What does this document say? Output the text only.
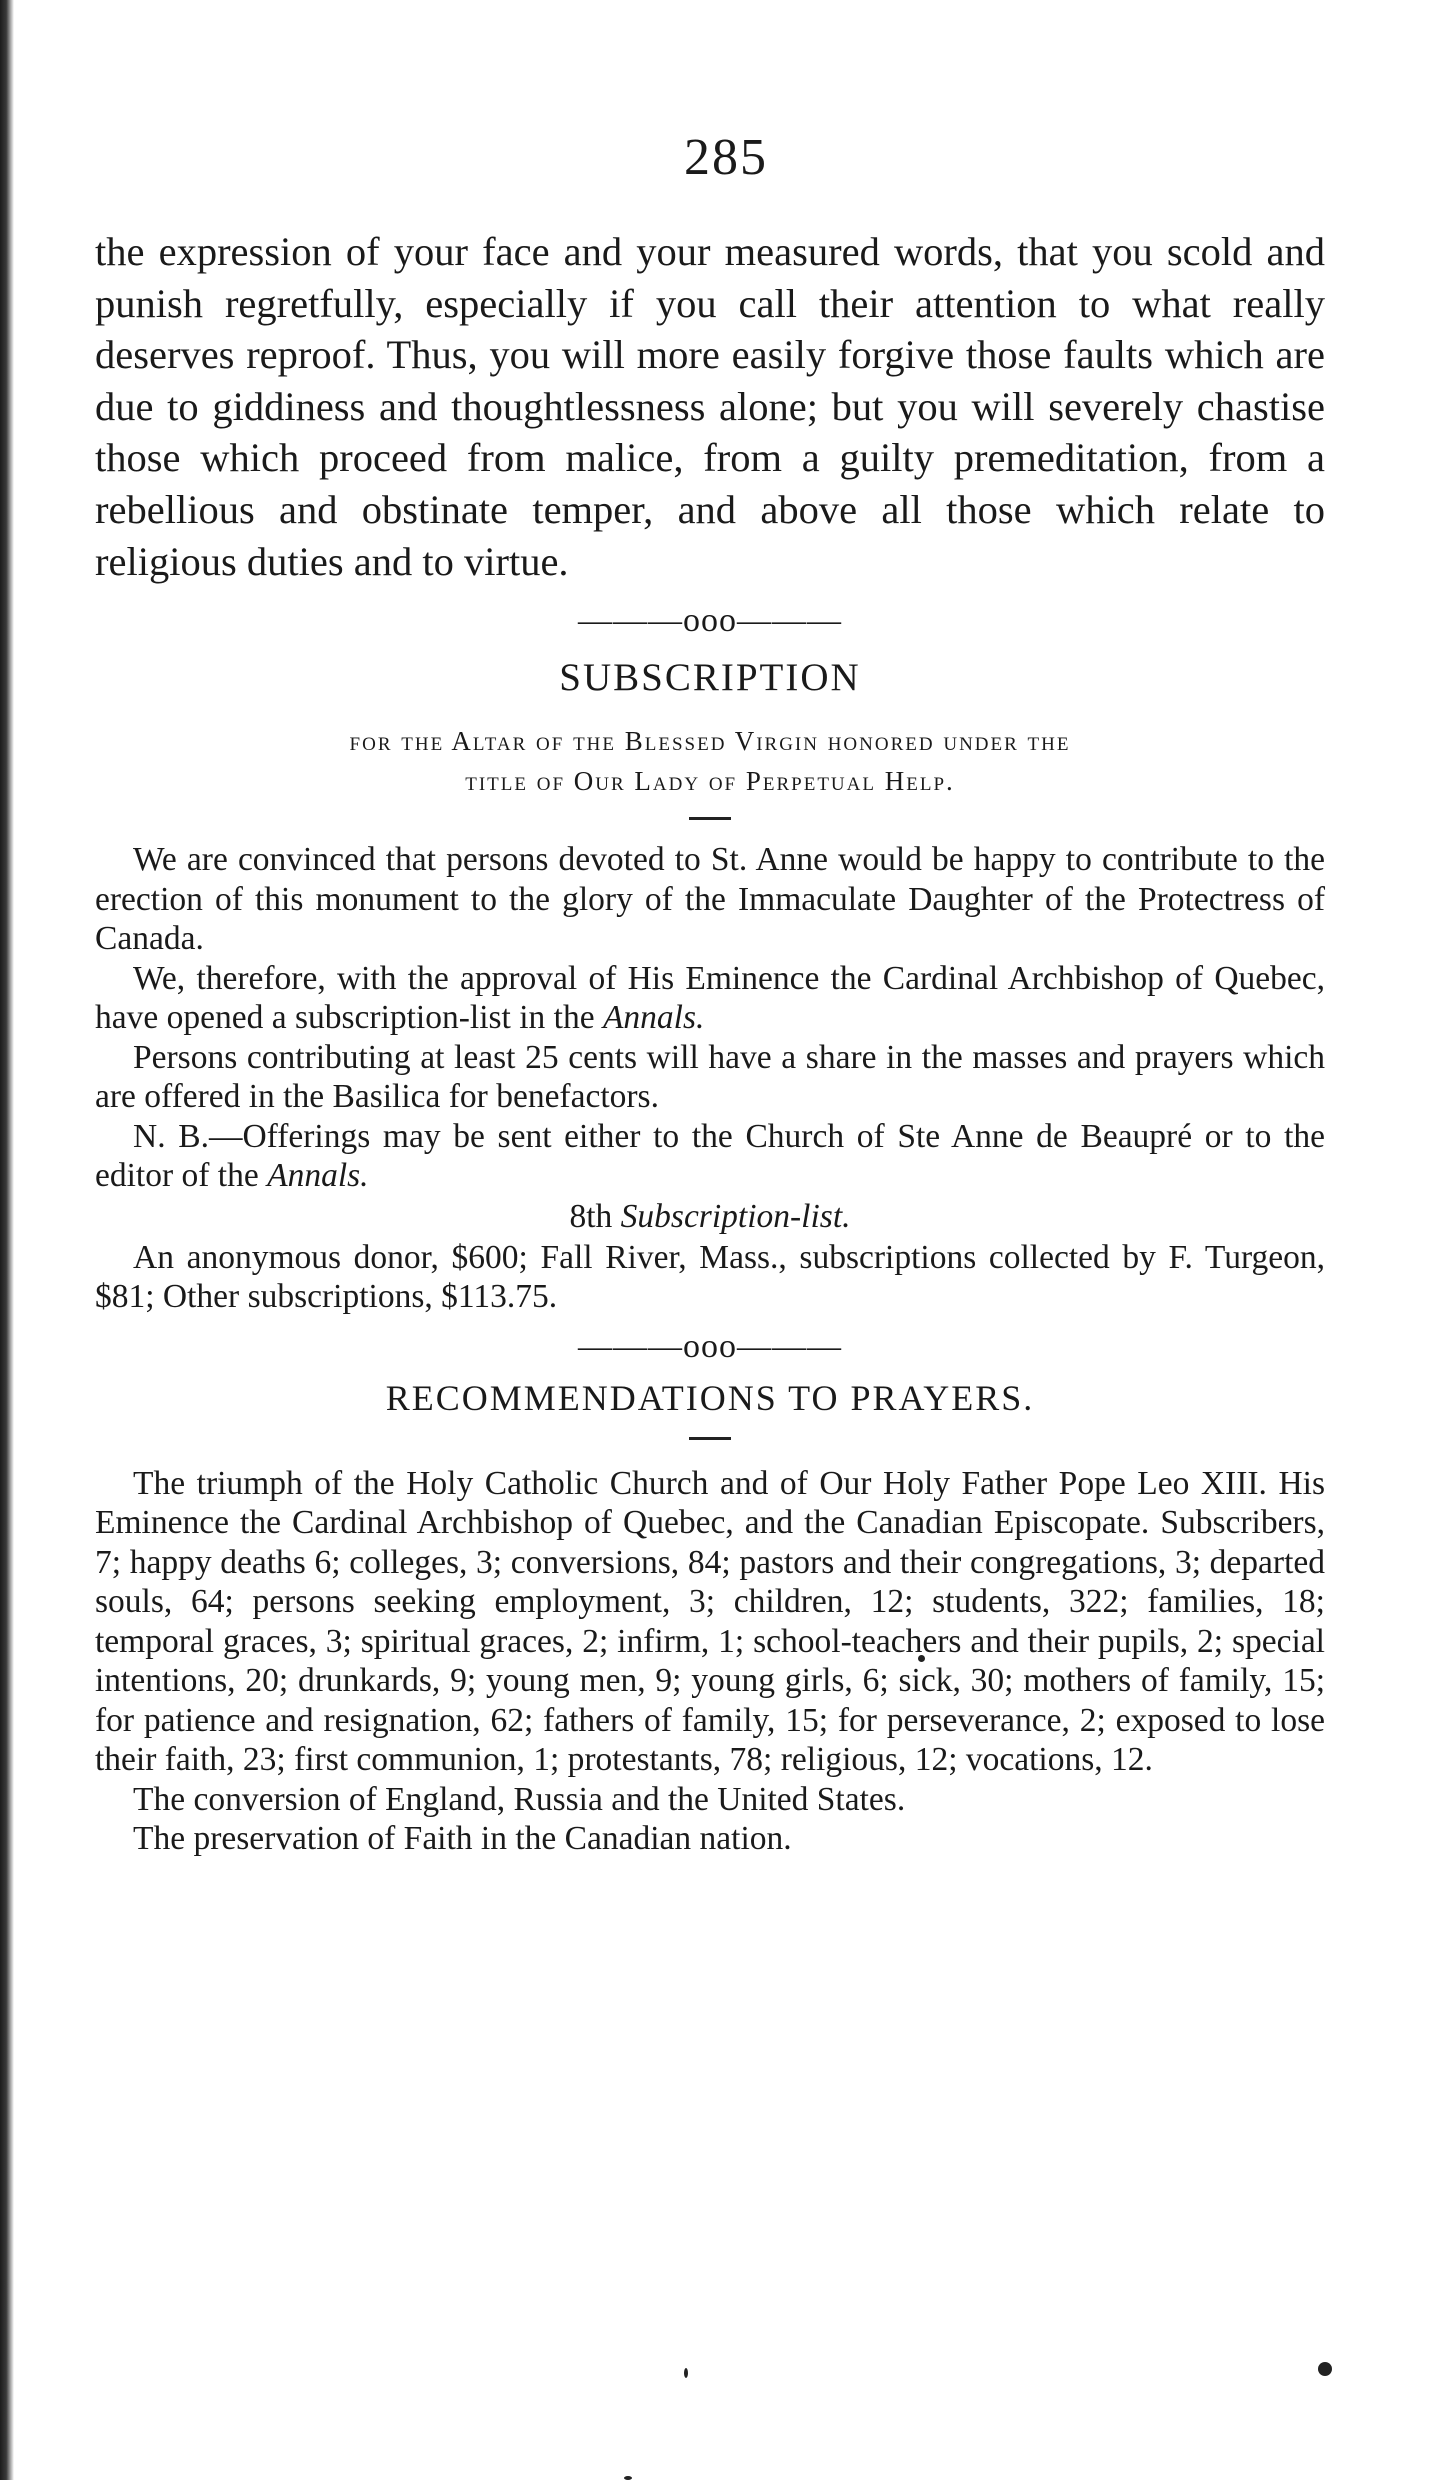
285

the expression of your face and your measured words, that you scold and punish regretfully, especially if you call their attention to what really deserves reproof. Thus, you will more easily forgive those faults which are due to giddiness and thoughtlessness alone; but you will severely chastise those which proceed from malice, from a guilty premeditation, from a rebellious and obstinate temper, and above all those which relate to religious duties and to virtue.

———ooo———

SUBSCRIPTION

for the Altar of the Blessed Virgin honored under the

title of Our Lady of Perpetual Help.

We are convinced that persons devoted to St. Anne would be happy to contribute to the erection of this monument to the glory of the Immaculate Daughter of the Protectress of Canada.

We, therefore, with the approval of His Eminence the Cardinal Archbishop of Quebec, have opened a subscription-list in the Annals.

Persons contributing at least 25 cents will have a share in the masses and prayers which are offered in the Basilica for benefactors.

N. B.—Offerings may be sent either to the Church of Ste Anne de Beaupré or to the editor of the Annals.

8th Subscription-list.

An anonymous donor, $600; Fall River, Mass., subscriptions collected by F. Turgeon, $81; Other subscriptions, $113.75.

———ooo———

RECOMMENDATIONS TO PRAYERS.

The triumph of the Holy Catholic Church and of Our Holy Father Pope Leo XIII. His Eminence the Cardinal Archbishop of Quebec, and the Canadian Episcopate. Subscribers, 7; happy deaths 6; colleges, 3; conversions, 84; pastors and their congregations, 3; departed souls, 64; persons seeking employment, 3; children, 12; students, 322; families, 18; temporal graces, 3; spiritual graces, 2; infirm, 1; school-teachers and their pupils, 2; special intentions, 20; drunkards, 9; young men, 9; young girls, 6; sick, 30; mothers of family, 15; for patience and resignation, 62; fathers of family, 15; for perseverance, 2; exposed to lose their faith, 23; first communion, 1; protestants, 78; religious, 12; vocations, 12.

The conversion of England, Russia and the United States.

The preservation of Faith in the Canadian nation.
